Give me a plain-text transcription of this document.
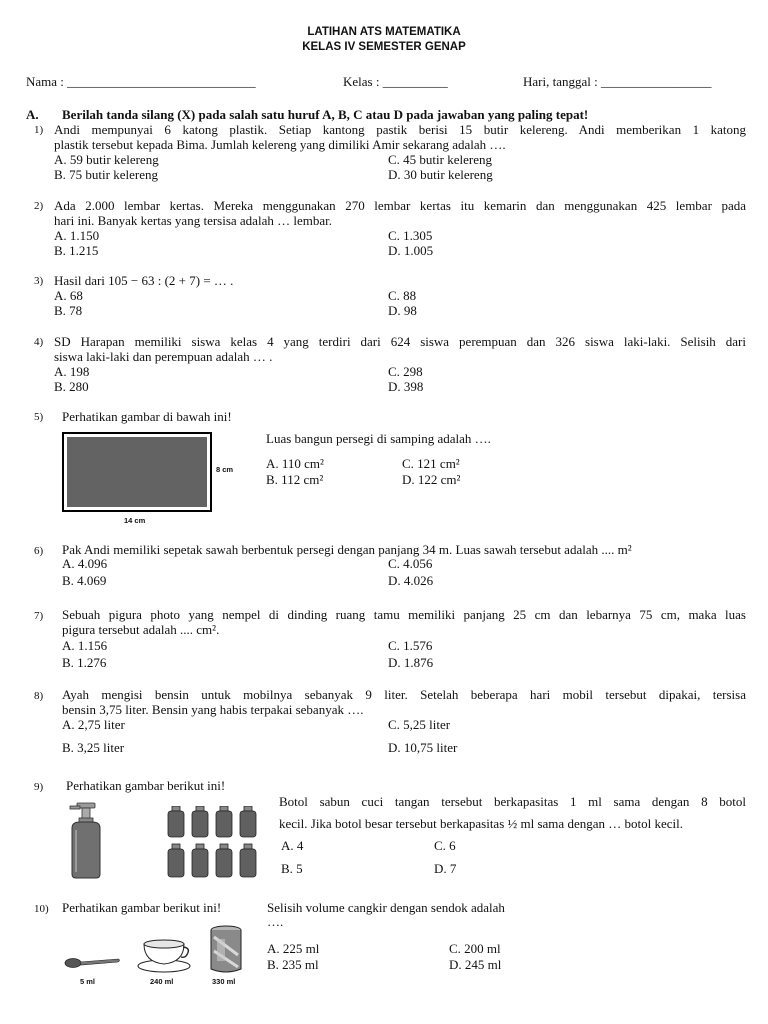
LATIHAN ATS MATEMATIKA
KELAS IV SEMESTER GENAP
Nama : _____________________________	Kelas : __________	Hari, tanggal : _________________
A. Berilah tanda silang (X) pada salah satu huruf A, B, C atau D pada jawaban yang paling tepat!
1) Andi mempunyai 6 katong plastik. Setiap kantong pastik berisi 15 butir kelereng. Andi memberikan 1 katong
plastik tersebut kepada Bima. Jumlah kelereng yang dimiliki Amir sekarang adalah ….
A. 59 butir kelereng
B. 75 butir kelereng
C. 45 butir kelereng
D. 30 butir kelereng
2) Ada 2.000 lembar kertas. Mereka menggunakan 270 lembar kertas itu kemarin dan menggunakan 425 lembar pada
hari ini. Banyak kertas yang tersisa adalah … lembar.
A. 1.150
B. 1.215
C. 1.305
D. 1.005
3) Hasil dari 105 − 63 : (2 + 7) = … .
A. 68
B. 78
C. 88
D. 98
4) SD Harapan memiliki siswa kelas 4 yang terdiri dari 624 siswa perempuan dan 326 siswa laki-laki. Selisih dari
siswa laki-laki dan perempuan adalah … .
A. 198
B. 280
C. 298
D. 398
5) Perhatikan gambar di bawah ini!
8 cm
14 cm
Luas bangun persegi di samping adalah ….
A. 110 cm²
B. 112 cm²
C. 121 cm²
D. 122 cm²
6) Pak Andi memiliki sepetak sawah berbentuk persegi dengan panjang 34 m. Luas sawah tersebut adalah .... m²
A. 4.096
B. 4.069
C. 4.056
D. 4.026
7) Sebuah pigura photo yang nempel di dinding ruang tamu memiliki panjang 25 cm dan lebarnya 75 cm, maka luas
pigura tersebut adalah .... cm².
A. 1.156
B. 1.276
C. 1.576
D. 1.876
8) Ayah mengisi bensin untuk mobilnya sebanyak 9 liter. Setelah beberapa hari mobil tersebut dipakai, tersisa
bensin 3,75 liter. Bensin yang habis terpakai sebanyak ….
A. 2,75 liter
B. 3,25 liter
C. 5,25 liter
D. 10,75 liter
9) Perhatikan gambar berikut ini!
Botol sabun cuci tangan tersebut berkapasitas 1 ml sama dengan 8 botol
kecil. Jika botol besar tersebut berkapasitas ½ ml sama dengan … botol kecil.
A. 4
B. 5
C. 6
D. 7
10) Perhatikan gambar berikut ini!
5 ml	240 ml	330 ml
Selisih volume cangkir dengan sendok adalah
….
A. 225 ml
B. 235 ml
C. 200 ml
D. 245 ml
